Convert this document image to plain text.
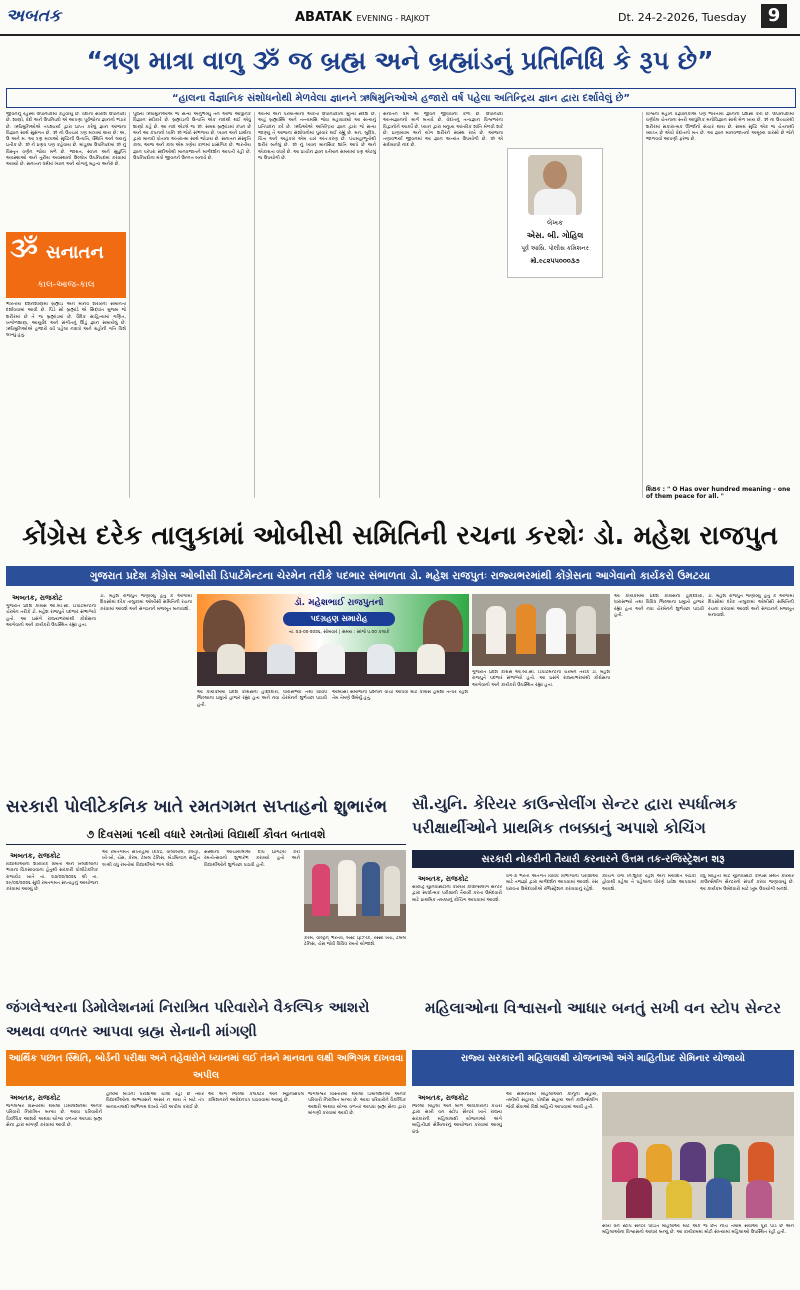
અબતક	ABATAK EVENING - RAJKOT	Dt. 24-2-2026, Tuesday	9
“ત્રણ માત્રા વાળુ ૐ જ બ્રહ્મ અને બ્રહ્માંડનું પ્રતિનિધિ કે રૂપ છે”
“હાલના વૈજ્ઞાનિક સંશોધનોથી મેળવેલા જ્ઞાનને ઋષિમુનિઓએ હજારો વર્ષ પહેલા અતિન્દ્રિય જ્ઞાન દ્વારા દર્શાવેલું છે”
જીવનનું રહસ્ય ઉપનિષદમાં કહેવાયું છે. વેદોનો સારાંશ ઉપનિષદો છે. શાસ્ત્રો, વેદો અને ઉપનિષદો એ આપણા પૂર્વજોના જ્ઞાનનો ભંડાર છે. ઋષિમુનિઓએ તપશ્ચર્યા દ્વારા પ્રાપ્ત કરેલું જ્ઞાન આજના વિજ્ઞાન સાથે સુસંગત છે. ૐ નો ઉચ્ચાર ત્રણ માત્રામાં થાય છે: અ, ઉ અને મ. આ ત્રણ માત્રાઓ સૃષ્ટિની ઉત્પત્તિ, સ્થિતિ અને લયનું પ્રતીક છે. ૐ ને પ્રણવ પણ કહેવાય છે. માંડૂક્ય ઉપનિષદમાં ૐ નું વિસ્તૃત વર્ણન જોવા મળે છે. જાગ્રત, સ્વપ્ન અને સુષુપ્તિ અવસ્થાઓ અને તુરીય અવસ્થાનો ઉલ્લેખ ઉપનિષદમાં કરવામાં આવ્યો છે. સનાતન ધર્મમાં ધ્યાન અને યોગનું મહત્વ અનેરું છે.
ૐ સનાતન
કાલ-આજ-કાલ
ભારતીય દર્શનશાસ્ત્રમાં બ્રહ્માંડ અને માનવ શરીરની સમાનતા દર્શાવવામાં આવી છે. પિંડે સો બ્રહ્માંડે એ સિદ્ધાંત મુજબ જે શરીરમાં છે તે જ બ્રહ્માંડમાં છે. વૈદિક સાહિત્યમાં ગણિત, ખગોળશાસ્ત્ર, આયુર્વેદ અને સંગીતનું ઊંડું જ્ઞાન સમાયેલું છે. ઋષિમુનિઓએ હજારો વર્ષ પહેલા નક્ષત્રો અને ગ્રહોની ગતિ વિશે લખ્યું હતું.
પૂજ્ય ઋષિમુનિઓએ જે સત્ય અનુભવ્યું તેને આજે આધુનિક વિજ્ઞાન સ્વીકારે છે. બ્રહ્માંડની ઉત્પત્તિ એક નાદથી થઈ એવું શાસ્ત્રો કહે છે. આ નાદ એટલે જ ૐ. સમગ્ર બ્રહ્માંડમાં કંપન છે અને આ કંપનનો ધ્વનિ ૐ જેવો સંભળાય છે. ધ્યાન અને પ્રાર્થના દ્વારા માનવી પોતાના અંતરાત્મા સાથે જોડાય છે. સનાતન સંસ્કૃતિ કાલ, આજ અને કાલ એમ ત્રણેય કાળમાં પ્રાસંગિક છે. ભારતીય જ્ઞાન પરંપરા સદીઓથી માનવજાતને માર્ગદર્શન આપતી રહી છે. ઉપનિષદોના મંત્રો જીવનને ઉન્નત બનાવે છે.
આત્મા અને પરમાત્માની એકતા ઉપનિષદોનો મુખ્ય સંદેશ છે. અહં બ્રહ્માસ્મિ અને તત્ત્વમસિ જેવા મહાવાક્યો આ સત્યનું પ્રતિપાદન કરે છે. ઋષિઓએ અતિન્દ્રિય જ્ઞાન દ્વારા જે સત્ય જાણ્યું તે આજના સંશોધનોમાં પુરવાર થઈ રહ્યું છે. મન, બુદ્ધિ, ચિત્ત અને અહંકાર એમ ચાર અંતઃકરણ છે. પંચમહાભૂતોથી શરીર બનેલું છે. ૐ નું ધ્યાન માનસિક શાંતિ આપે છે અને એકાગ્રતા વધારે છે. આ પ્રાચીન જ્ઞાન વર્તમાન સમયમાં પણ એટલું જ ઉપયોગી છે.
સનાતન ધર્મ એ જીવન જીવવાની કળા છે. ઉપનિષદો આત્મજ્ઞાનનો માર્ગ બતાવે છે. વેદાંતનું તત્વજ્ઞાન વિશ્વભરના વિદ્વાનોને આકર્ષે છે. ધ્યાન દ્વારા મનુષ્ય આંતરિક શાંતિ મેળવી શકે છે. પ્રાણાયામ અને યોગ શરીરને સ્વસ્થ રાખે છે. આજના તણાવભર્યા જીવનમાં આ જ્ઞાન અત્યંત ઉપયોગી છે. ૐ એ સર્વવ્યાપી નાદ છે.
લેખક
એસ. બી. ગોહિલ
પૂર્વ આસિ. પોલીસ કમિશનર
મો.૯૮૨૫૫૦૦૦૩૭
વિશ્વના મહાન વૈજ્ઞાનિકોએ પણ ભારતીય જ્ઞાનની પ્રશંસા કરી છે. ઉપનિષદોમાં વર્ણવેલ ચેતનાના સ્તરો આધુનિક મનોવિજ્ઞાન સાથે મેળ ખાય છે. ૐ ના ઉચ્ચારથી શરીરમાં સકારાત્મક ઊર્જાનો સંચાર થાય છે. સમગ્ર સૃષ્ટિ એક જ ચેતનાથી વ્યાપ્ત છે એવો વેદાંતનો મત છે. આ જ્ઞાન માનવજાતનો અમૂલ્ય વારસો છે જેને જાળવવો આપણી ફરજ છે.
શિક્ષક : " O Has over hundred meaning - one of them peace for all. "
કોંગ્રેસ દરેક તાલુકામાં ઓબીસી સમિતિની રચના કરશેઃ ડો. મહેશ રાજપુત
ગુજરાત પ્રદેશ કોંગ્રેસ ઓબીસી ડિપાર્ટમેન્ટના ચેરમેન તરીકે પદભાર સંભાળતા ડો. મહેશ રાજપુતઃ રાજ્યભરમાંથી કોંગ્રેસના આગેવાનો કાર્યકરો ઉમટયા
અબતક, રાજકોટ
ગુજરાત પ્રદેશ કોંગ્રેસ ઓ.બી.સી. ડિપાર્ટમેન્ટના ચેરમેન તરીકે ડો. મહેશ રાજપુતે પદભાર સંભાળ્યો હતો. આ પ્રસંગે રાજ્યભરમાંથી કોંગ્રેસના આગેવાનો અને કાર્યકરો ઉપસ્થિત રહ્યા હતા.
ડો. મહેશ રાજપુતે જણાવ્યું હતું કે આગામી દિવસોમાં દરેક તાલુકામાં ઓબીસી સમિતિની રચના કરવામાં આવશે અને સંગઠનને મજબૂત બનાવાશે.
ડૉ. મહેશભાઈ રાજપુતનો
પદગ્રહણ સમારોહ
તા. ૨૩-૦૨-૨૦૨૬, સોમવાર | સમય : સાંજે ૫.૦૦ કલાકે
આ કાર્યક્રમમાં પ્રદેશ કોંગ્રેસના હોદ્દેદારો, ધારાસભ્યો તથા વિવિધ જિલ્લાના પ્રમુખો હાજર રહ્યા હતા અને નવા ચેરમેનને શુભેચ્છા પાઠવી હતી.
ઓબીસી સમાજના પ્રશ્નોને વાચા આપવા માટે કોંગ્રેસ હંમેશા તત્પર રહેશે તેમ તેમણે ઉમેર્યું હતું.
ગુજરાત પ્રદેશ કોંગ્રેસ ઓ.બી.સી. ડિપાર્ટમેન્ટના ચેરમેન તરીકે ડો. મહેશ રાજપુતે પદભાર સંભાળ્યો હતો. આ પ્રસંગે રાજ્યભરમાંથી કોંગ્રેસના આગેવાનો અને કાર્યકરો ઉપસ્થિત રહ્યા હતા.
આ કાર્યક્રમમાં પ્રદેશ કોંગ્રેસના હોદ્દેદારો, ધારાસભ્યો તથા વિવિધ જિલ્લાના પ્રમુખો હાજર રહ્યા હતા અને નવા ચેરમેનને શુભેચ્છા પાઠવી હતી.
ડો. મહેશ રાજપુતે જણાવ્યું હતું કે આગામી દિવસોમાં દરેક તાલુકામાં ઓબીસી સમિતિની રચના કરવામાં આવશે અને સંગઠનને મજબૂત બનાવાશે.
સરકારી પોલીટેકનિક ખાતે રમતગમત સપ્તાહનો શુભારંભ
૭ દિવસમાં ૧૯થી વધારે રમતોમાં વિદ્યાર્થી કૌવત બતાવશે
અબતક, રાજકોટ
વિદ્યાર્થીઓની શારીરિક ક્ષમતા અને ખેલદિલીની ભાવના વિકસાવવાના હેતુથી સરકારી પોલીટેકનિક રાજકોટ ખાતે તા. ૨૩/૦૨/૨૦૨૬ થી તા. ૨૯/૦૨/૨૦૨૬ સુધી રમતગમત સપ્તાહનું આયોજન કરવામાં આવ્યું છે.
આ રમતગમત સપ્તાહમાં ક્રિકેટ, વોલીબોલ, કબડ્ડી, ખો-ખો, ચેસ, કેરમ, ટેબલ ટેનિસ, બેડમિન્ટન સહિત ૧૯થી વધુ રમતોમાં વિદ્યાર્થીઓ ભાગ લેશે.
સંસ્થાના આચાર્યશ્રીએ દીપ પ્રાગટ્ય કરી રમતોત્સવનો શુભારંભ કરાવ્યો હતો અને વિદ્યાર્થીઓને શુભેચ્છા પાઠવી હતી.
કેરમ, વાલ્ટ્રન્ ભરતવ, બેસ્ટ ફિઝીક, રસ્સા ખેંચ, ટેબલ ટેનિસ, ચેસ જેવી વિવિધ રમતો યોજાશે.
સૌ.યુનિ. કેરિયર કાઉન્સેલીંગ સેન્ટર દ્વારા સ્પર્ધાત્મક પરીક્ષાર્થીઓને પ્રાથમિક તબક્કાનું અપાશે કોચિંગ
સરકારી નોકરીની તૈયારી કરનારને ઉત્તમ તક-રજિસ્ટ્રેશન શરૂ
અબતક, રાજકોટ
સૌરાષ્ટ્ર યુનિવર્સિટીના કેરિયર કાઉન્સેલીંગ સેન્ટર દ્વારા સ્પર્ધાત્મક પરીક્ષાની તૈયારી કરતા ઉમેદવારો માટે પ્રાથમિક તબક્કાનું કોચિંગ આપવામાં આવશે.
વર્ગ-૩ ભરતી અંતર્ગત વિવિધ વિભાગોની પરીક્ષાઓ માટે તજજ્ઞો દ્વારા માર્ગદર્શન આપવામાં આવશે. રસ ધરાવતા ઉમેદવારોએ રજિસ્ટ્રેશન કરાવવાનું રહેશે.
કોચિંગ વર્ગો નિઃશુલ્ક રહેશે અને મર્યાદિત બેઠકો હોવાથી વહેલા તે પહેલાના ધોરણે પ્રવેશ આપવામાં આવશે.
વધુ માહિતી માટે યુનિવર્સિટી કેમ્પસ સ્થિત કેરિયર કાઉન્સેલીંગ સેન્ટરનો સંપર્ક કરવા જણાવાયું છે. આ કાર્યક્રમ ઉમેદવારો માટે ખૂબ ઉપયોગી બનશે.
જંગલેશ્વરના ડિમોલેશનમાં નિરાશ્રિત પરિવારોને વૈકલ્પિક આશરો અથવા વળતર આપવા બ્રહ્મ સેનાની માંગણી
આર્થિક પછાત સ્થિતિ, બોર્ડની પરીક્ષા અને તહેવારોને ધ્યાનમાં લઈ તંત્રને માનવતા લક્ષી અભિગમ દાખવવા અપીલ
અબતક, રાજકોટ
જંગલેશ્વર વિસ્તારમાં થયેલા ડિમોલેશનમાં અનેક પરિવારો નિરાશ્રિત બન્યા છે. આવા પરિવારોને વૈકલ્પિક આશરો અથવા યોગ્ય વળતર આપવા બ્રહ્મ સેના દ્વારા માંગણી કરવામાં આવી છે.
હાલમાં બોર્ડની પરીક્ષાઓ ચાલી રહી છે ત્યારે વિદ્યાર્થીઓના અભ્યાસને અસર ન થાય તે માટે તંત્ર માનવતાલક્ષી અભિગમ દાખવે તેવી અપીલ કરાઈ છે.
આ અંગે જિલ્લા કલેક્ટર અને મ્યુનિસિપલ કમિશનરને આવેદનપત્ર પાઠવવામાં આવ્યું છે.
જંગલેશ્વર વિસ્તારમાં થયેલા ડિમોલેશનમાં અનેક પરિવારો નિરાશ્રિત બન્યા છે. આવા પરિવારોને વૈકલ્પિક આશરો અથવા યોગ્ય વળતર આપવા બ્રહ્મ સેના દ્વારા માંગણી કરવામાં આવી છે.
મહિલાઓના વિશ્વાસનો આધાર બનતું સખી વન સ્ટોપ સેન્ટર
રાજ્ય સરકારની મહિલાલક્ષી યોજનાઓ અંગે માહિતીપ્રદ સેમિનાર યોજાયો
અબતક, રાજકોટ
જિલ્લા મહિલા અને બાળ અધિકારીની કચેરી દ્વારા સખી વન સ્ટોપ સેન્ટર ખાતે રાજ્ય સરકારની મહિલાલક્ષી યોજનાઓ અંગે માહિતીપ્રદ સેમિનારનું આયોજન કરવામાં આવ્યું હતું.
આ સેમિનારમાં મહિલાઓને કાનૂની સહાય, તબીબી સહાય, પોલીસ સહાય અને કાઉન્સેલીંગ જેવી સેવાઓ વિશે માહિતી આપવામાં આવી હતી.
સખી વન સ્ટોપ સેન્ટર પીડિત મહિલાઓ માટે એક જ છત નીચે તમામ સેવાઓ પૂરી પાડે છે અને મહિલાઓના વિશ્વાસનો આધાર બન્યું છે. આ કાર્યક્રમમાં મોટી સંખ્યામાં મહિલાઓ ઉપસ્થિત રહી હતી.
